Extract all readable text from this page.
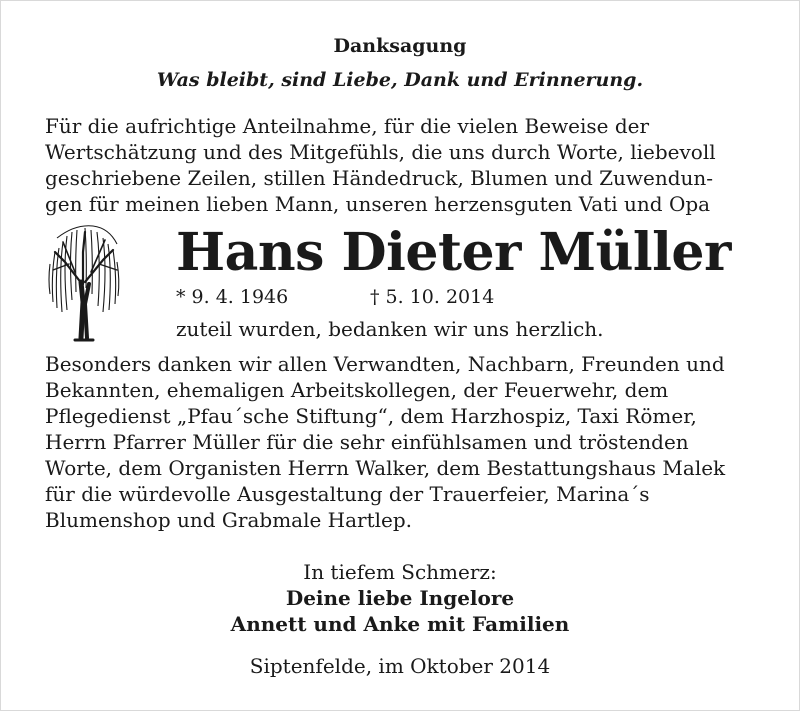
Danksagung
Was bleibt, sind Liebe, Dank und Erinnerung.
Für die aufrichtige Anteilnahme, für die vielen Beweise der
Wertschätzung und des Mitgefühls, die uns durch Worte, liebevoll
geschriebene Zeilen, stillen Händedruck, Blumen und Zuwendun-
gen für meinen lieben Mann, unseren herzensguten Vati und Opa
Hans Dieter Müller
* 9. 4. 1946	† 5. 10. 2014
zuteil wurden, bedanken wir uns herzlich.
Besonders danken wir allen Verwandten, Nachbarn, Freunden und
Bekannten, ehemaligen Arbeitskollegen, der Feuerwehr, dem
Pflegedienst „Pfau´sche Stiftung“, dem Harzhospiz, Taxi Römer,
Herrn Pfarrer Müller für die sehr einfühlsamen und tröstenden
Worte, dem Organisten Herrn Walker, dem Bestattungshaus Malek
für die würdevolle Ausgestaltung der Trauerfeier, Marina´s
Blumenshop und Grabmale Hartlep.
In tiefem Schmerz:
Deine liebe Ingelore
Annett und Anke mit Familien
Siptenfelde, im Oktober 2014
